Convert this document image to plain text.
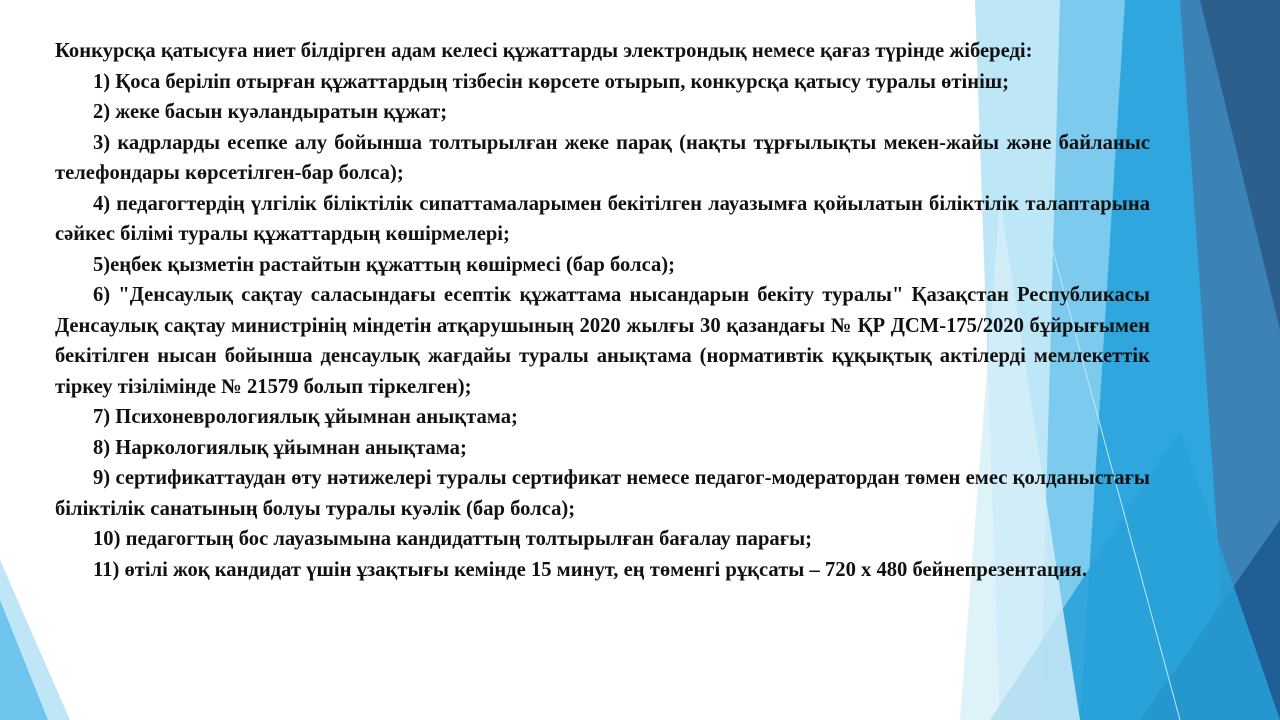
Конкурсқа қатысуға ниет білдірген адам келесі құжаттарды электрондық немесе қағаз түрінде жібереді:

1) Қоса беріліп отырған құжаттардың тізбесін көрсете отырып, конкурсқа қатысу туралы өтініш;

2) жеке басын куәландыратын құжат;

3) кадрларды есепке алу бойынша толтырылған жеке парақ (нақты тұрғылықты мекен-жайы және байланыс телефондары көрсетілген-бар болса);

4) педагогтердің үлгілік біліктілік сипаттамаларымен бекітілген лауазымға қойылатын біліктілік талаптарына сәйкес білімі туралы құжаттардың көшірмелері;

5)еңбек қызметін растайтын құжаттың көшірмесі (бар болса);

6) "Денсаулық сақтау саласындағы есептік құжаттама нысандарын бекіту туралы" Қазақстан Республикасы Денсаулық сақтау министрінің міндетін атқарушының 2020 жылғы 30 қазандағы № ҚР ДСМ-175/2020 бұйрығымен бекітілген нысан бойынша денсаулық жағдайы туралы анықтама (нормативтік құқықтық актілерді мемлекеттік тіркеу тізілімінде № 21579 болып тіркелген);

7) Психоневрологиялық ұйымнан анықтама;

8) Наркологиялық ұйымнан анықтама;

9) сертификаттаудан өту нәтижелері туралы сертификат немесе педагог-модератордан төмен емес қолданыстағы біліктілік санатының болуы туралы куәлік (бар болса);

10) педагогтың бос лауазымына кандидаттың толтырылған бағалау парағы;

11) өтілі жоқ кандидат үшін ұзақтығы кемінде 15 минут, ең төменгі рұқсаты – 720 x 480 бейнепрезентация.
